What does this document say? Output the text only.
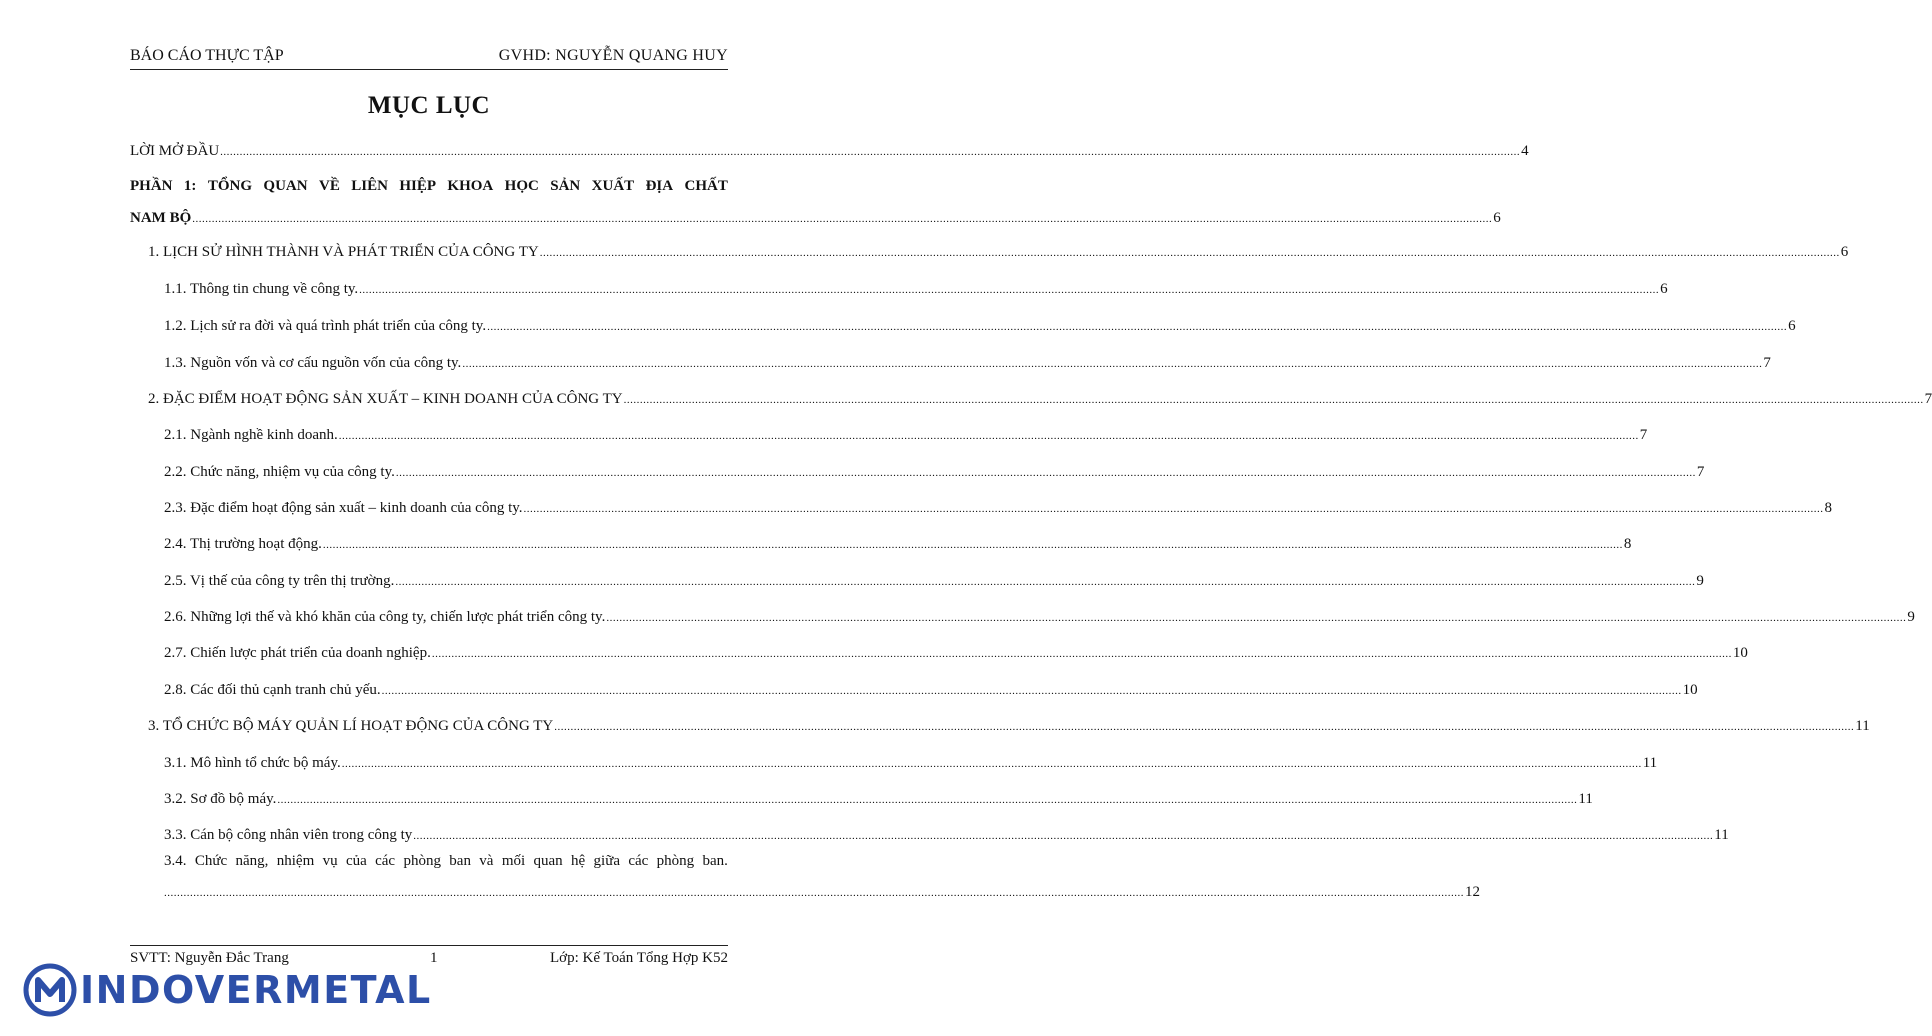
BÁO CÁO THỰC TẬP	GVHD: NGUYỄN QUANG HUY
MỤC LỤC
LỜI MỞ ĐẦU ................................................................................................................................................................................................................................................................................................................................................................................................................ 4
PHẦN 1: TỔNG QUAN VỀ LIÊN HIỆP KHOA HỌC SẢN XUẤT ĐỊA CHẤT
NAM BỘ ................................................................................................................................................................................................................................................................................................................................................................................................................ 6
1. LỊCH SỬ HÌNH THÀNH VÀ PHÁT TRIỂN CỦA CÔNG TY ................................................................................................................................................................................................................................................................................................................................................................................................................ 6
1.1. Thông tin chung về công ty. ................................................................................................................................................................................................................................................................................................................................................................................................................ 6
1.2. Lịch sử ra đời và quá trình phát triển của công ty. ................................................................................................................................................................................................................................................................................................................................................................................................................ 6
1.3. Nguồn vốn và cơ cấu nguồn vốn của công ty. ................................................................................................................................................................................................................................................................................................................................................................................................................ 7
2. ĐẶC ĐIỂM HOẠT ĐỘNG SẢN XUẤT – KINH DOANH CỦA CÔNG TY ................................................................................................................................................................................................................................................................................................................................................................................................................ 7
2.1. Ngành nghề kinh doanh. ................................................................................................................................................................................................................................................................................................................................................................................................................ 7
2.2. Chức năng, nhiệm vụ của công ty. ................................................................................................................................................................................................................................................................................................................................................................................................................ 7
2.3. Đặc điểm hoạt động sản xuất – kinh doanh của công ty. ................................................................................................................................................................................................................................................................................................................................................................................................................ 8
2.4. Thị trường hoạt động. ................................................................................................................................................................................................................................................................................................................................................................................................................ 8
2.5. Vị thế của công ty trên thị trường. ................................................................................................................................................................................................................................................................................................................................................................................................................ 9
2.6. Những lợi thế và khó khăn của công ty, chiến lược phát triển công ty. ................................................................................................................................................................................................................................................................................................................................................................................................................ 9
2.7. Chiến lược phát triển của doanh nghiệp. ................................................................................................................................................................................................................................................................................................................................................................................................................ 10
2.8. Các đối thủ cạnh tranh chủ yếu. ................................................................................................................................................................................................................................................................................................................................................................................................................ 10
3. TỔ CHỨC BỘ MÁY QUẢN LÍ HOẠT ĐỘNG CỦA CÔNG TY ................................................................................................................................................................................................................................................................................................................................................................................................................ 11
3.1. Mô hình tổ chức bộ máy. ................................................................................................................................................................................................................................................................................................................................................................................................................ 11
3.2. Sơ đồ bộ máy. ................................................................................................................................................................................................................................................................................................................................................................................................................ 11
3.3. Cán bộ công nhân viên trong công ty ................................................................................................................................................................................................................................................................................................................................................................................................................ 11
3.4. Chức năng, nhiệm vụ của các phòng ban và mối quan hệ giữa các phòng ban.
................................................................................................................................................................................................................................................................................................................................................................................................................ 12
SVTT: Nguyễn Đắc Trang	1	Lớp: Kế Toán Tổng Hợp K52
INDOVERMETAL
